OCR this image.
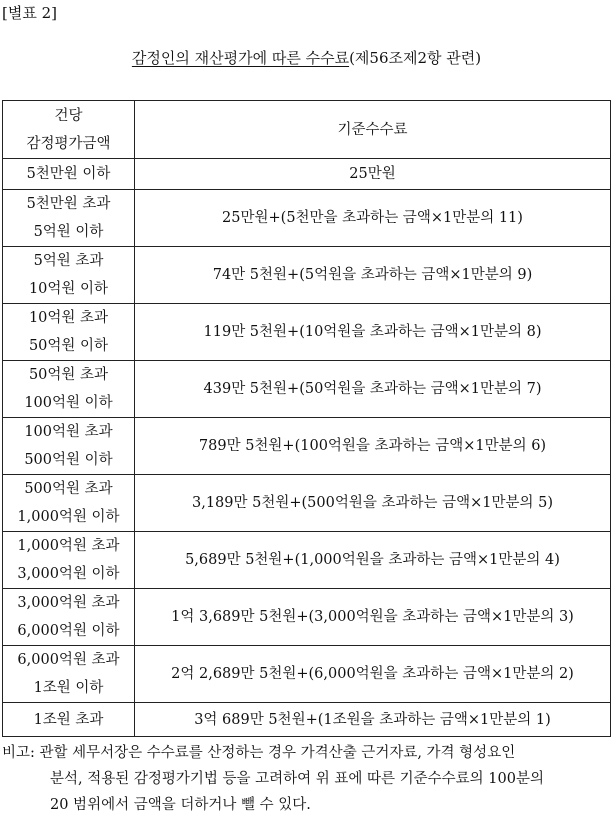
[별표 2]
감정인의 재산평가에 따른 수수료(제56조제2항 관련)
건당
감정평가금액	기준수수료

5천만원 이하	25만원

5천만원 초과
5억원 이하	25만원+(5천만을 초과하는 금액×1만분의 11)

5억원 초과
10억원 이하	74만 5천원+(5억원을 초과하는 금액×1만분의 9)

10억원 초과
50억원 이하	119만 5천원+(10억원을 초과하는 금액×1만분의 8)

50억원 초과
100억원 이하	439만 5천원+(50억원을 초과하는 금액×1만분의 7)

100억원 초과
500억원 이하	789만 5천원+(100억원을 초과하는 금액×1만분의 6)

500억원 초과
1,000억원 이하	3,189만 5천원+(500억원을 초과하는 금액×1만분의 5)

1,000억원 초과
3,000억원 이하	5,689만 5천원+(1,000억원을 초과하는 금액×1만분의 4)

3,000억원 초과
6,000억원 이하	1억 3,689만 5천원+(3,000억원을 초과하는 금액×1만분의 3)

6,000억원 초과
1조원 이하	2억 2,689만 5천원+(6,000억원을 초과하는 금액×1만분의 2)

1조원 초과	3억 689만 5천원+(1조원을 초과하는 금액×1만분의 1)
비고: 관할 세무서장은 수수료를 산정하는 경우 가격산출 근거자료, 가격 형성요인
분석, 적용된 감정평가기법 등을 고려하여 위 표에 따른 기준수수료의 100분의
20 범위에서 금액을 더하거나 뺄 수 있다.
